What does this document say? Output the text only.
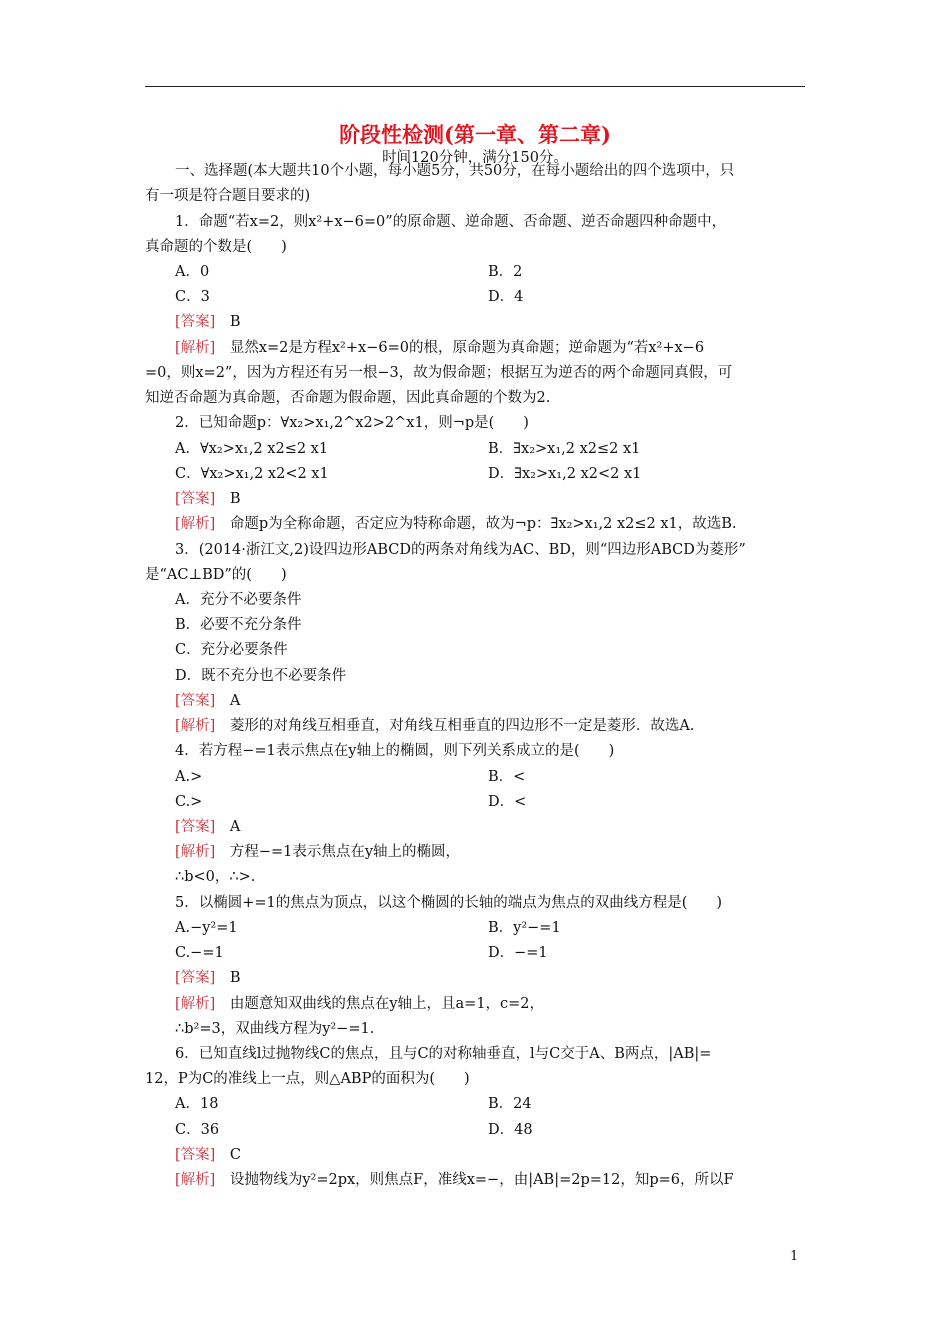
阶段性检测(第一章、第二章)
时间120分钟，满分150分。
一、选择题(本大题共10个小题，每小题5分，共50分，在每小题给出的四个选项中，只
有一项是符合题目要求的)
1．命题“若x=2，则x²+x−6=0”的原命题、逆命题、否命题、逆否命题四种命题中，
真命题的个数是(　　)
A．0	B．2
C．3	D．4
[答案]　B
[解析]　显然x=2是方程x²+x−6=0的根，原命题为真命题；逆命题为“若x²+x−6
=0，则x=2”，因为方程还有另一根−3，故为假命题；根据互为逆否的两个命题同真假，可
知逆否命题为真命题，否命题为假命题，因此真命题的个数为2.
2．已知命题p：∀x₂>x₁,2^x2>2^x1，则¬p是(　　)
A．∀x₂>x₁,2 x2≤2 x1	B．∃x₂>x₁,2 x2≤2 x1
C．∀x₂>x₁,2 x2<2 x1	D．∃x₂>x₁,2 x2<2 x1
[答案]　B
[解析]　命题p为全称命题，否定应为特称命题，故为¬p：∃x₂>x₁,2 x2≤2 x1，故选B.
3．(2014·浙江文,2)设四边形ABCD的两条对角线为AC、BD，则“四边形ABCD为菱形”
是“AC⊥BD”的(　　)
A．充分不必要条件
B．必要不充分条件
C．充分必要条件
D．既不充分也不必要条件
[答案]　A
[解析]　菱形的对角线互相垂直，对角线互相垂直的四边形不一定是菱形．故选A.
4．若方程−=1表示焦点在y轴上的椭圆，则下列关系成立的是(　　)
A.>	B．<
C.>	D．<
[答案]　A
[解析]　方程−=1表示焦点在y轴上的椭圆，
∴b<0，∴>.
5．以椭圆+=1的焦点为顶点，以这个椭圆的长轴的端点为焦点的双曲线方程是(　　)
A.−y²=1	B．y²−=1
C.−=1	D．−=1
[答案]　B
[解析]　由题意知双曲线的焦点在y轴上，且a=1，c=2，
∴b²=3，双曲线方程为y²−=1.
6．已知直线l过抛物线C的焦点，且与C的对称轴垂直，l与C交于A、B两点，|AB|=
12，P为C的准线上一点，则△ABP的面积为(　　)
A．18	B．24
C．36	D．48
[答案]　C
[解析]　设抛物线为y²=2px，则焦点F，准线x=−，由|AB|=2p=12，知p=6，所以F
1
